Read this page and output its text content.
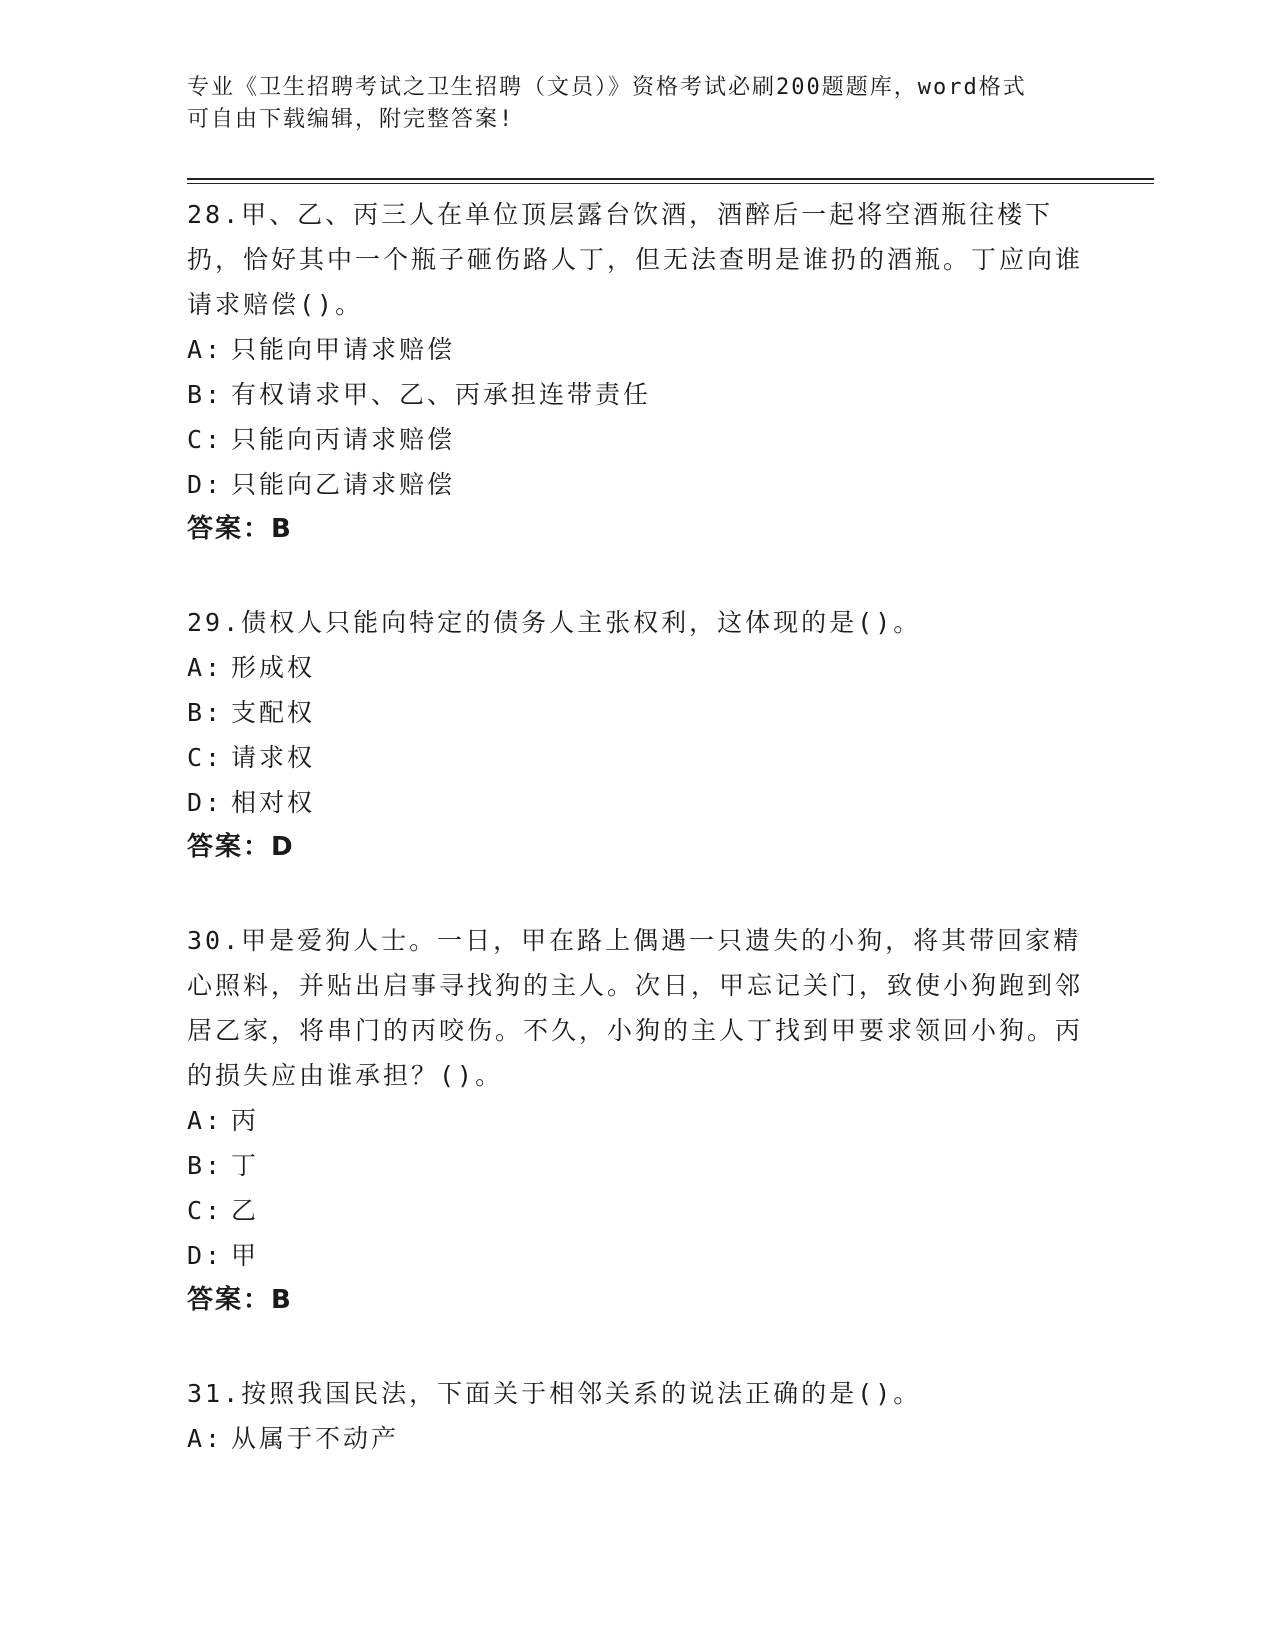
专业《卫生招聘考试之卫生招聘（文员）》资格考试必刷200题题库，word格式
可自由下载编辑，附完整答案!
28.甲、乙、丙三人在单位顶层露台饮酒，酒醉后一起将空酒瓶往楼下扔，恰好其中一个瓶子砸伤路人丁，但无法查明是谁扔的酒瓶。丁应向谁请求赔偿()。
A: 只能向甲请求赔偿
B: 有权请求甲、乙、丙承担连带责任
C: 只能向丙请求赔偿
D: 只能向乙请求赔偿
答案：B
29.债权人只能向特定的债务人主张权利，这体现的是()。
A: 形成权
B: 支配权
C: 请求权
D: 相对权
答案：D
30.甲是爱狗人士。一日，甲在路上偶遇一只遗失的小狗，将其带回家精心照料，并贴出启事寻找狗的主人。次日，甲忘记关门，致使小狗跑到邻居乙家，将串门的丙咬伤。不久，小狗的主人丁找到甲要求领回小狗。丙的损失应由谁承担？()。
A: 丙
B: 丁
C: 乙
D: 甲
答案：B
31.按照我国民法，下面关于相邻关系的说法正确的是()。
A: 从属于不动产
